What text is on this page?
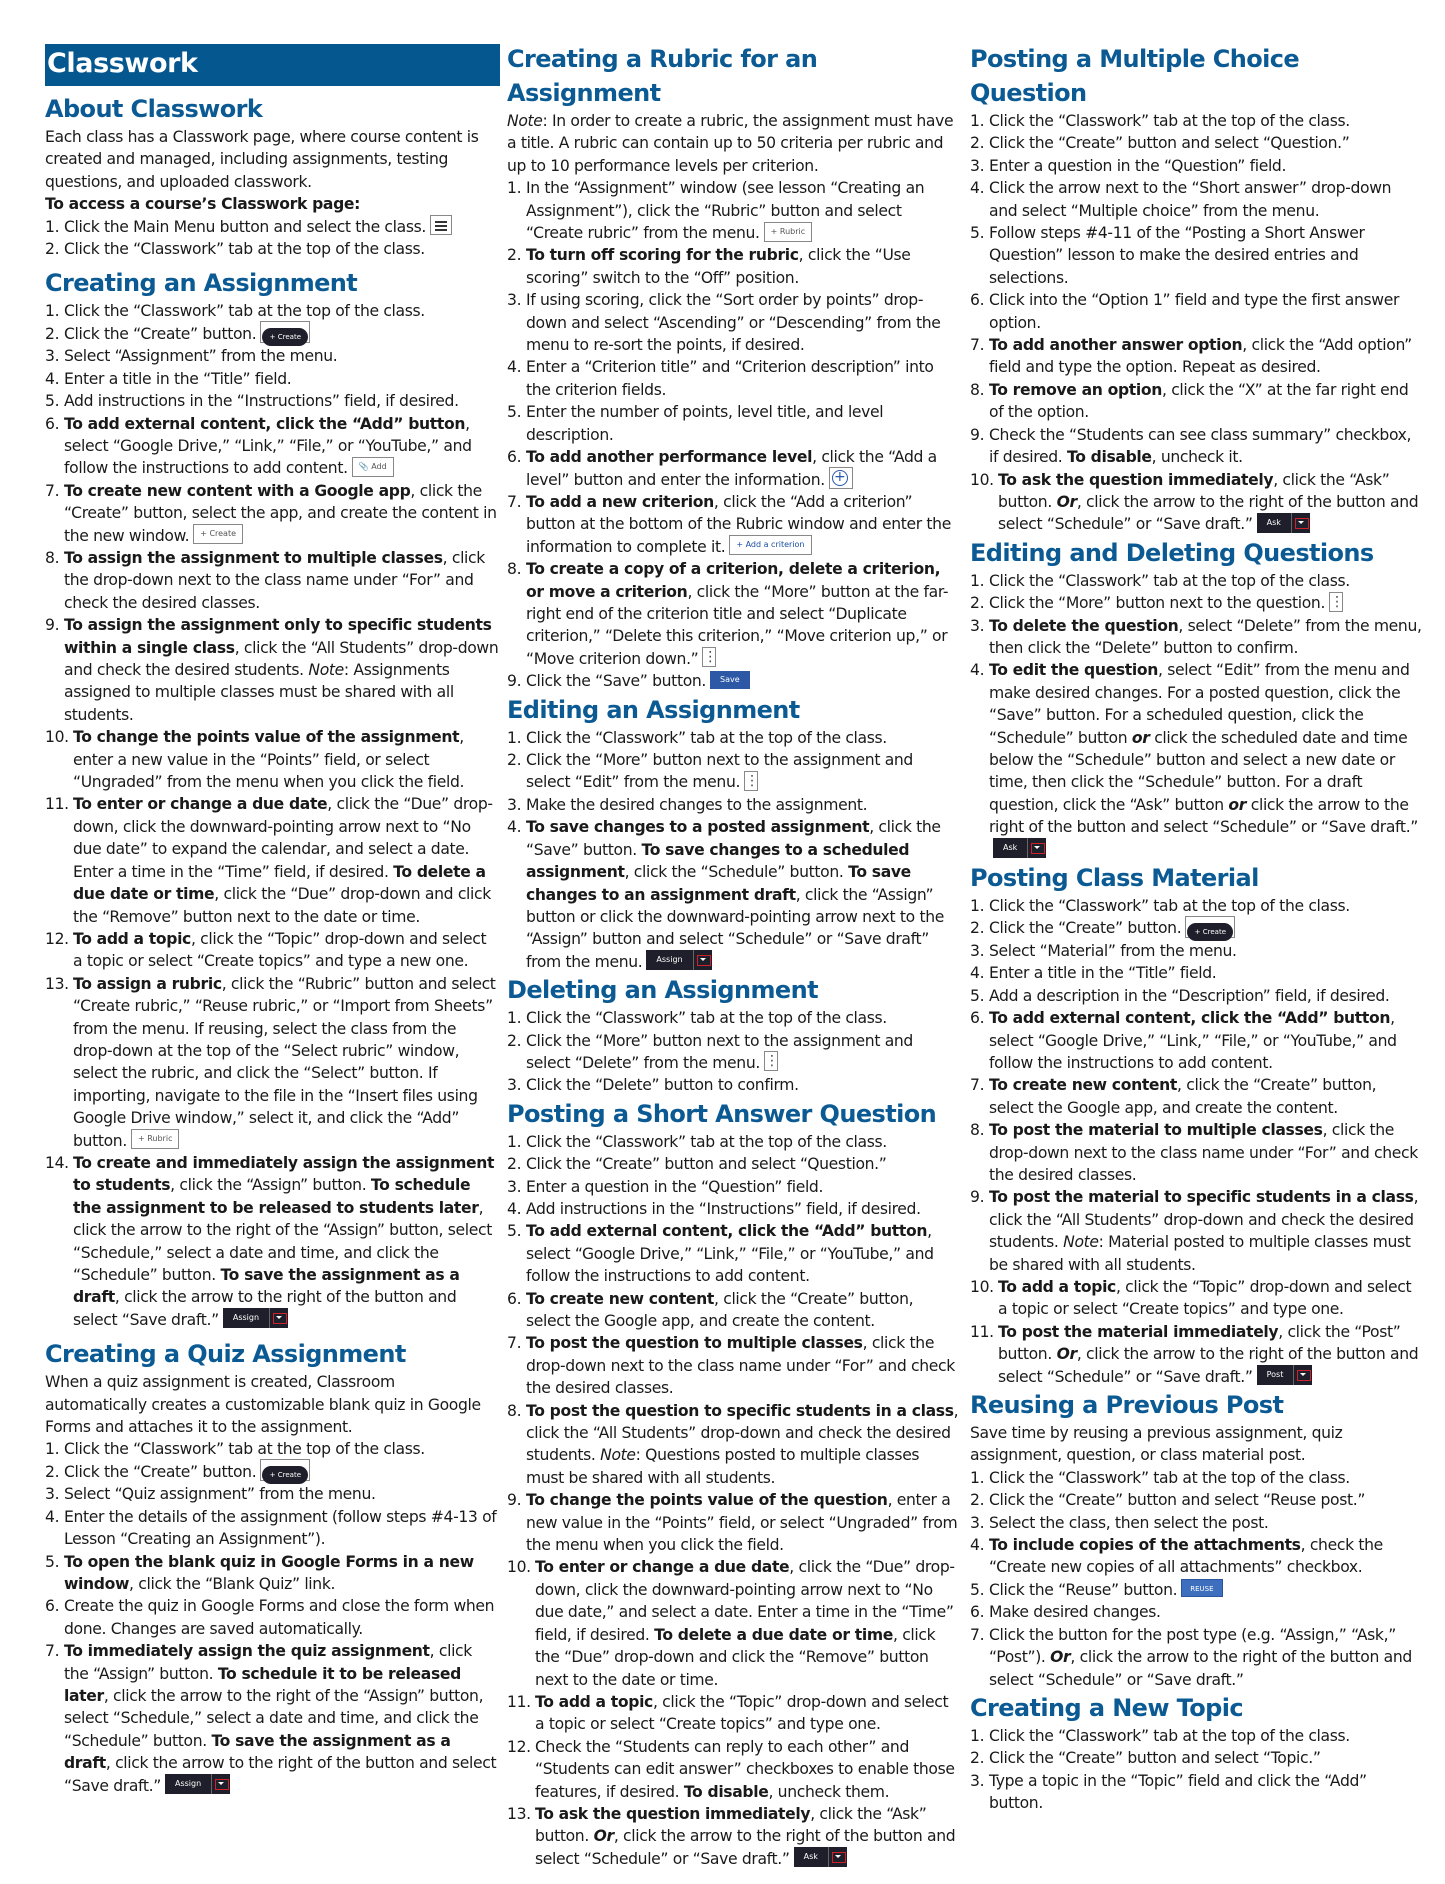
Classwork
About Classwork

Each class has a Classwork page, where course content is created and managed, including assignments, testing questions, and uploaded classwork.

To access a course’s Classwork page:

1. Click the Main Menu button and select the class.
2. Click the “Classwork” tab at the top of the class.
Creating an Assignment
1. Click the “Classwork” tab at the top of the class.
2. Click the “Create” button. + Create
3. Select “Assignment” from the menu.
4. Enter a title in the “Title” field.
5. Add instructions in the “Instructions” field, if desired.
6. To add external content, click the “Add” button, select “Google Drive,” “Link,” “File,” or “YouTube,” and follow the instructions to add content. 📎 Add
7. To create new content with a Google app, click the “Create” button, select the app, and create the content in the new window. + Create
8. To assign the assignment to multiple classes, click the drop-down next to the class name under “For” and check the desired classes.
9. To assign the assignment only to specific students within a single class, click the “All Students” drop-down and check the desired students. Note: Assignments assigned to multiple classes must be shared with all students.
10. To change the points value of the assignment, enter a new value in the “Points” field, or select “Ungraded” from the menu when you click the field.
11. To enter or change a due date, click the “Due” drop-down, click the downward-pointing arrow next to “No due date” to expand the calendar, and select a date. Enter a time in the “Time” field, if desired. To delete a due date or time, click the “Due” drop-down and click the “Remove” button next to the date or time.
12. To add a topic, click the “Topic” drop-down and select a topic or select “Create topics” and type a new one.
13. To assign a rubric, click the “Rubric” button and select “Create rubric,” “Reuse rubric,” or “Import from Sheets” from the menu. If reusing, select the class from the drop-down at the top of the “Select rubric” window, select the rubric, and click the “Select” button. If importing, navigate to the file in the “Insert files using Google Drive window,” select it, and click the “Add” button. + Rubric
14. To create and immediately assign the assignment to students, click the “Assign” button. To schedule the assignment to be released to students later, click the arrow to the right of the “Assign” button, select “Schedule,” select a date and time, and click the “Schedule” button. To save the assignment as a draft, click the arrow to the right of the button and select “Save draft.”	Assign
Creating a Quiz Assignment

When a quiz assignment is created, Classroom automatically creates a customizable blank quiz in Google Forms and attaches it to the assignment.

1. Click the “Classwork” tab at the top of the class.
2. Click the “Create” button. + Create
3. Select “Quiz assignment” from the menu.
4. Enter the details of the assignment (follow steps #4-13 of Lesson “Creating an Assignment”).
5. To open the blank quiz in Google Forms in a new window, click the “Blank Quiz” link.
6. Create the quiz in Google Forms and close the form when done. Changes are saved automatically.
7. To immediately assign the quiz assignment, click the “Assign” button. To schedule it to be released later, click the arrow to the right of the “Assign” button, select “Schedule,” select a date and time, and click the “Schedule” button. To save the assignment as a draft, click the arrow to the right of the button and select “Save draft.”	Assign
Creating a Rubric for an Assignment

Note: In order to create a rubric, the assignment must have a title. A rubric can contain up to 50 criteria per rubric and up to 10 performance levels per criterion.

1. In the “Assignment” window (see lesson “Creating an Assignment”), click the “Rubric” button and select “Create rubric” from the menu. + Rubric
2. To turn off scoring for the rubric, click the “Use scoring” switch to the “Off” position.
3. If using scoring, click the “Sort order by points” drop-down and select “Ascending” or “Descending” from the menu to re-sort the points, if desired.
4. Enter a “Criterion title” and “Criterion description” into the criterion fields.
5. Enter the number of points, level title, and level description.
6. To add another performance level, click the “Add a level” button and enter the information. +
7. To add a new criterion, click the “Add a criterion” button at the bottom of the Rubric window and enter the information to complete it. + Add a criterion
8. To create a copy of a criterion, delete a criterion, or move a criterion, click the “More” button at the far-right end of the criterion title and select “Duplicate criterion,” “Delete this criterion,” “Move criterion up,” or “Move criterion down.” ⋮
9. Click the “Save” button. Save
Editing an Assignment
1. Click the “Classwork” tab at the top of the class.
2. Click the “More” button next to the assignment and select “Edit” from the menu. ⋮
3. Make the desired changes to the assignment.
4. To save changes to a posted assignment, click the “Save” button. To save changes to a scheduled assignment, click the “Schedule” button. To save changes to an assignment draft, click the “Assign” button or click the downward-pointing arrow next to the “Assign” button and select “Schedule” or “Save draft” from the menu.	Assign
Deleting an Assignment
1. Click the “Classwork” tab at the top of the class.
2. Click the “More” button next to the assignment and select “Delete” from the menu. ⋮
3. Click the “Delete” button to confirm.
Posting a Short Answer Question
1. Click the “Classwork” tab at the top of the class.
2. Click the “Create” button and select “Question.”
3. Enter a question in the “Question” field.
4. Add instructions in the “Instructions” field, if desired.
5. To add external content, click the “Add” button, select “Google Drive,” “Link,” “File,” or “YouTube,” and follow the instructions to add content.
6. To create new content, click the “Create” button, select the Google app, and create the content.
7. To post the question to multiple classes, click the drop-down next to the class name under “For” and check the desired classes.
8. To post the question to specific students in a class, click the “All Students” drop-down and check the desired students. Note: Questions posted to multiple classes must be shared with all students.
9. To change the points value of the question, enter a new value in the “Points” field, or select “Ungraded” from the menu when you click the field.
10. To enter or change a due date, click the “Due” drop-down, click the downward-pointing arrow next to “No due date,” and select a date. Enter a time in the “Time” field, if desired. To delete a due date or time, click the “Due” drop-down and click the “Remove” button next to the date or time.
11. To add a topic, click the “Topic” drop-down and select a topic or select “Create topics” and type one.
12. Check the “Students can reply to each other” and “Students can edit answer” checkboxes to enable those features, if desired. To disable, uncheck them.
13. To ask the question immediately, click the “Ask” button. Or, click the arrow to the right of the button and select “Schedule” or “Save draft.”	Ask
Posting a Multiple Choice Question
1. Click the “Classwork” tab at the top of the class.
2. Click the “Create” button and select “Question.”
3. Enter a question in the “Question” field.
4. Click the arrow next to the “Short answer” drop-down and select “Multiple choice” from the menu.
5. Follow steps #4-11 of the “Posting a Short Answer Question” lesson to make the desired entries and selections.
6. Click into the “Option 1” field and type the first answer option.
7. To add another answer option, click the “Add option” field and type the option. Repeat as desired.
8. To remove an option, click the “X” at the far right end of the option.
9. Check the “Students can see class summary” checkbox, if desired. To disable, uncheck it.
10. To ask the question immediately, click the “Ask” button. Or, click the arrow to the right of the button and select “Schedule” or “Save draft.”	Ask
Editing and Deleting Questions
1. Click the “Classwork” tab at the top of the class.
2. Click the “More” button next to the question. ⋮
3. To delete the question, select “Delete” from the menu, then click the “Delete” button to confirm.
4. To edit the question, select “Edit” from the menu and make desired changes. For a posted question, click the “Save” button. For a scheduled question, click the “Schedule” button or click the scheduled date and time below the “Schedule” button and select a new date or time, then click the “Schedule” button. For a draft question, click the “Ask” button or click the arrow to the right of the button and select “Schedule” or “Save draft.”
Ask
Posting Class Material
1. Click the “Classwork” tab at the top of the class.
2. Click the “Create” button. + Create
3. Select “Material” from the menu.
4. Enter a title in the “Title” field.
5. Add a description in the “Description” field, if desired.
6. To add external content, click the “Add” button, select “Google Drive,” “Link,” “File,” or “YouTube,” and follow the instructions to add content.
7. To create new content, click the “Create” button, select the Google app, and create the content.
8. To post the material to multiple classes, click the drop-down next to the class name under “For” and check the desired classes.
9. To post the material to specific students in a class, click the “All Students” drop-down and check the desired students. Note: Material posted to multiple classes must be shared with all students.
10. To add a topic, click the “Topic” drop-down and select a topic or select “Create topics” and type one.
11. To post the material immediately, click the “Post” button. Or, click the arrow to the right of the button and select “Schedule” or “Save draft.”	Post
Reusing a Previous Post

Save time by reusing a previous assignment, quiz assignment, question, or class material post.

1. Click the “Classwork” tab at the top of the class.
2. Click the “Create” button and select “Reuse post.”
3. Select the class, then select the post.
4. To include copies of the attachments, check the “Create new copies of all attachments” checkbox.
5. Click the “Reuse” button. REUSE
6. Make desired changes.
7. Click the button for the post type (e.g. “Assign,” “Ask,” “Post”). Or, click the arrow to the right of the button and select “Schedule” or “Save draft.”
Creating a New Topic
1. Click the “Classwork” tab at the top of the class.
2. Click the “Create” button and select “Topic.”
3. Type a topic in the “Topic” field and click the “Add” button.
